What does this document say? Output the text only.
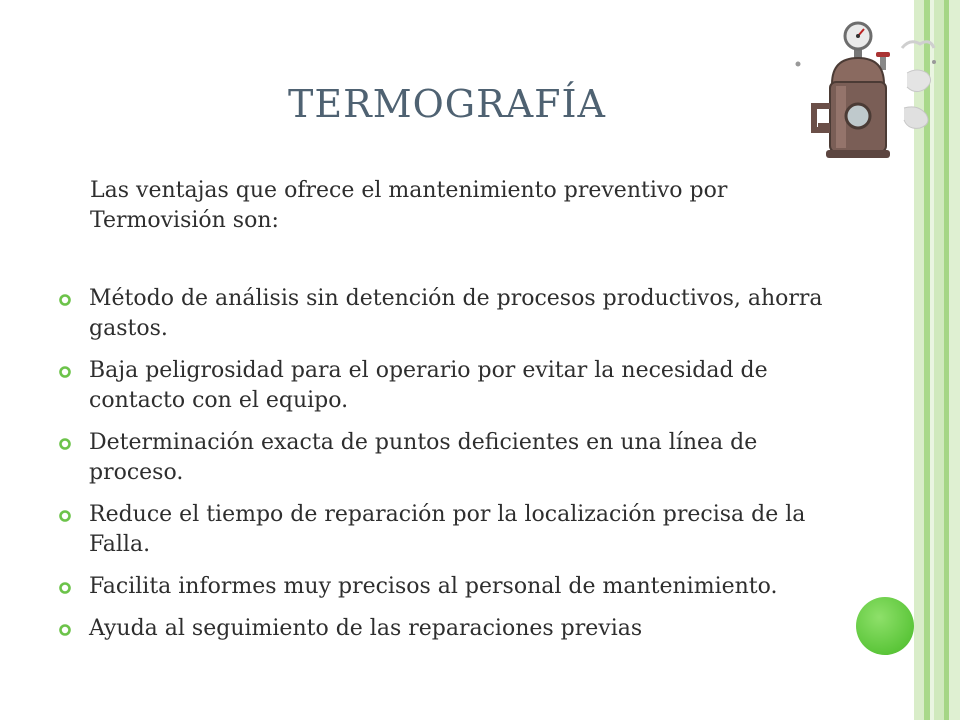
TERMOGRAFÍA
Las ventajas que ofrece el mantenimiento preventivo por Termovisión son:
Método de análisis sin detención de procesos productivos, ahorra gastos.
Baja peligrosidad para el operario por evitar la necesidad de contacto con el equipo.
Determinación exacta de puntos deficientes en una línea de proceso.
Reduce el tiempo de reparación por la localización precisa de la Falla.
Facilita informes muy precisos al personal de mantenimiento.
Ayuda al seguimiento de las reparaciones previas
